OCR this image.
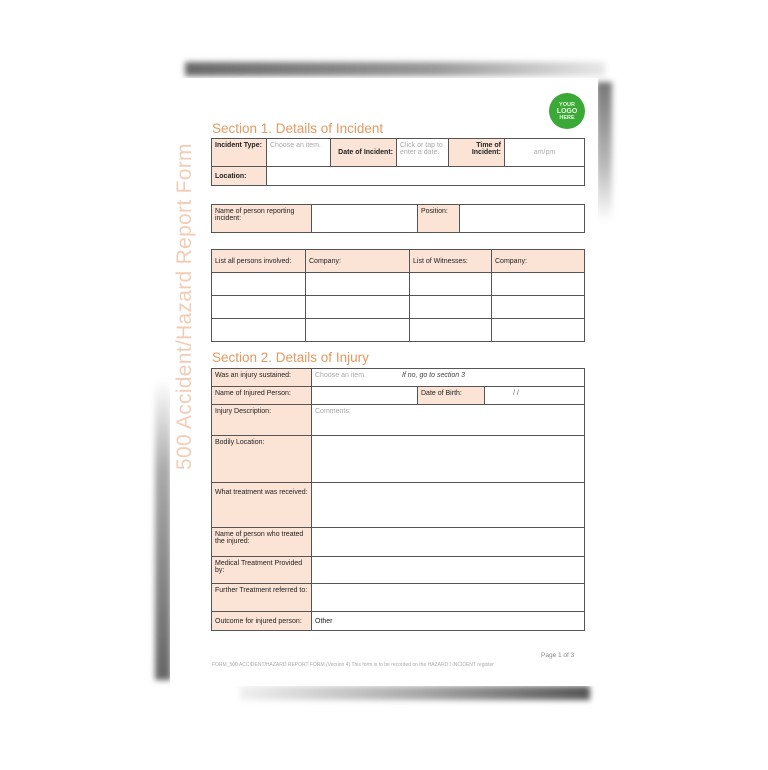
500 Accident/Hazard Report Form
YOUR
LOGO
HERE
Section 1. Details of Incident
Incident Type:	Choose an item.	Date of Incident:	Click or tap to enter a date.	Time of Incident:	am/pm
Location:					
Name of person reporting incident:		Position:	
List all persons involved:	Company:	List of Witnesses:	Company:

Section 2. Details of Injury
Was an injury sustained:	Choose an item. If no, go to section 3		
Name of Injured Person:		Date of Birth:	/ /
Injury Description:	Comments:		
Bodily Location:			
What treatment was received:			
Name of person who treated the injured:			
Medical Treatment Provided by:			
Further Treatment referred to:			
Outcome for injured person:	Other		
Page 1 of 3
FORM_500 ACCIDENT/HAZARD REPORT FORM (Version 4) This form is to be recorded on the HAZARD / INCIDENT register
